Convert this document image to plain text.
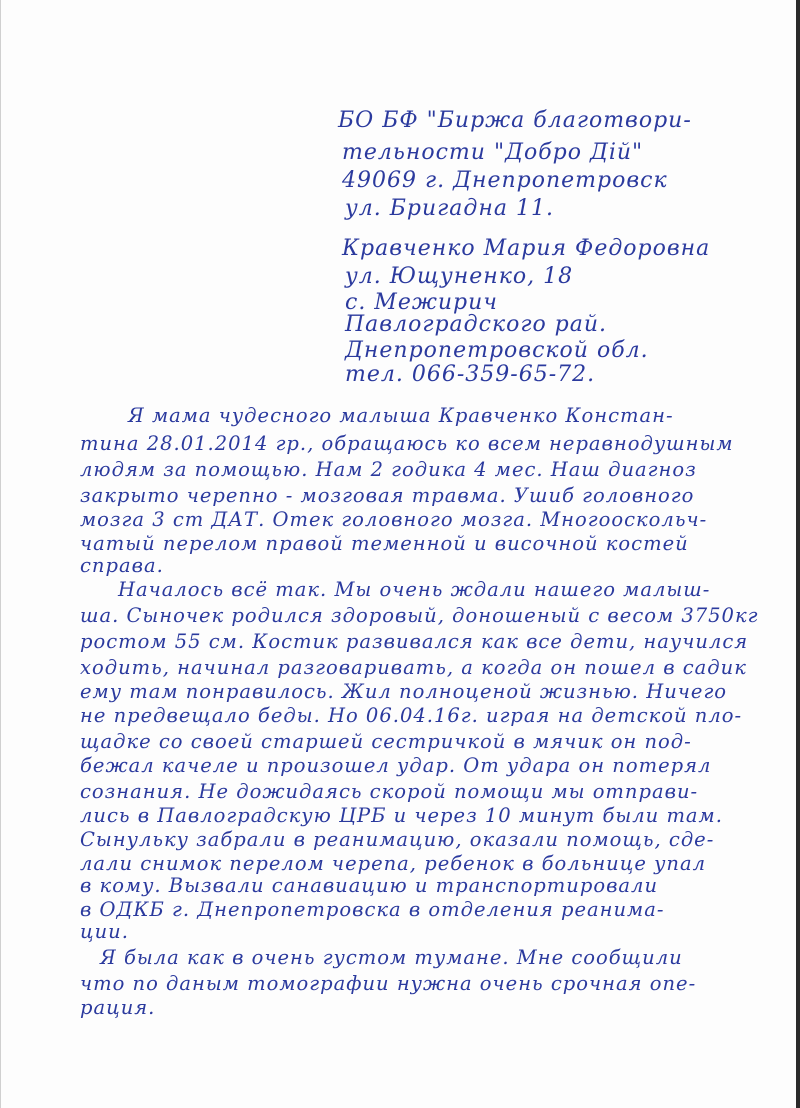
БО БФ "Биржа благотвори-
тельности "Добро Дій"
49069 г. Днепропетровск
ул. Бригадна 11.
Кравченко Мария Федоровна
ул. Ющуненко, 18
с. Межирич
Павлоградского рай.
Днепропетровской обл.
тел. 066-359-65-72.
Я мама чудесного малыша Кравченко Констан-
тина 28.01.2014 гр., обращаюсь ко всем неравнодушным
людям за помощью. Нам 2 годика 4 мес. Наш диагноз
закрыто черепно - мозговая травма. Ушиб головного
мозга 3 ст ДАТ. Отек головного мозга. Многооскольч-
чатый перелом правой теменной и височной костей
справа.
Началось всё так. Мы очень ждали нашего малыш-
ша. Сыночек родился здоровый, доношеный с весом 3750кг
ростом 55 см. Костик развивался как все дети, научился
ходить, начинал разговаривать, а когда он пошел в садик
ему там понравилось. Жил полноценой жизнью. Ничего
не предвещало беды. Но 06.04.16г. играя на детской пло-
щадке со своей старшей сестричкой в мячик он под-
бежал качеле и произошел удар. От удара он потерял
сознания. Не дожидаясь скорой помощи мы отправи-
лись в Павлоградскую ЦРБ и через 10 минут были там.
Сынульку забрали в реанимацию, оказали помощь, сде-
лали снимок перелом черепа, ребенок в больнице упал
в кому. Вызвали санавиацию и транспортировали
в ОДКБ г. Днепропетровска в отделения реанима-
ции.
Я была как в очень густом тумане. Мне сообщили
что по даным томографии нужна очень срочная опе-
рация.
